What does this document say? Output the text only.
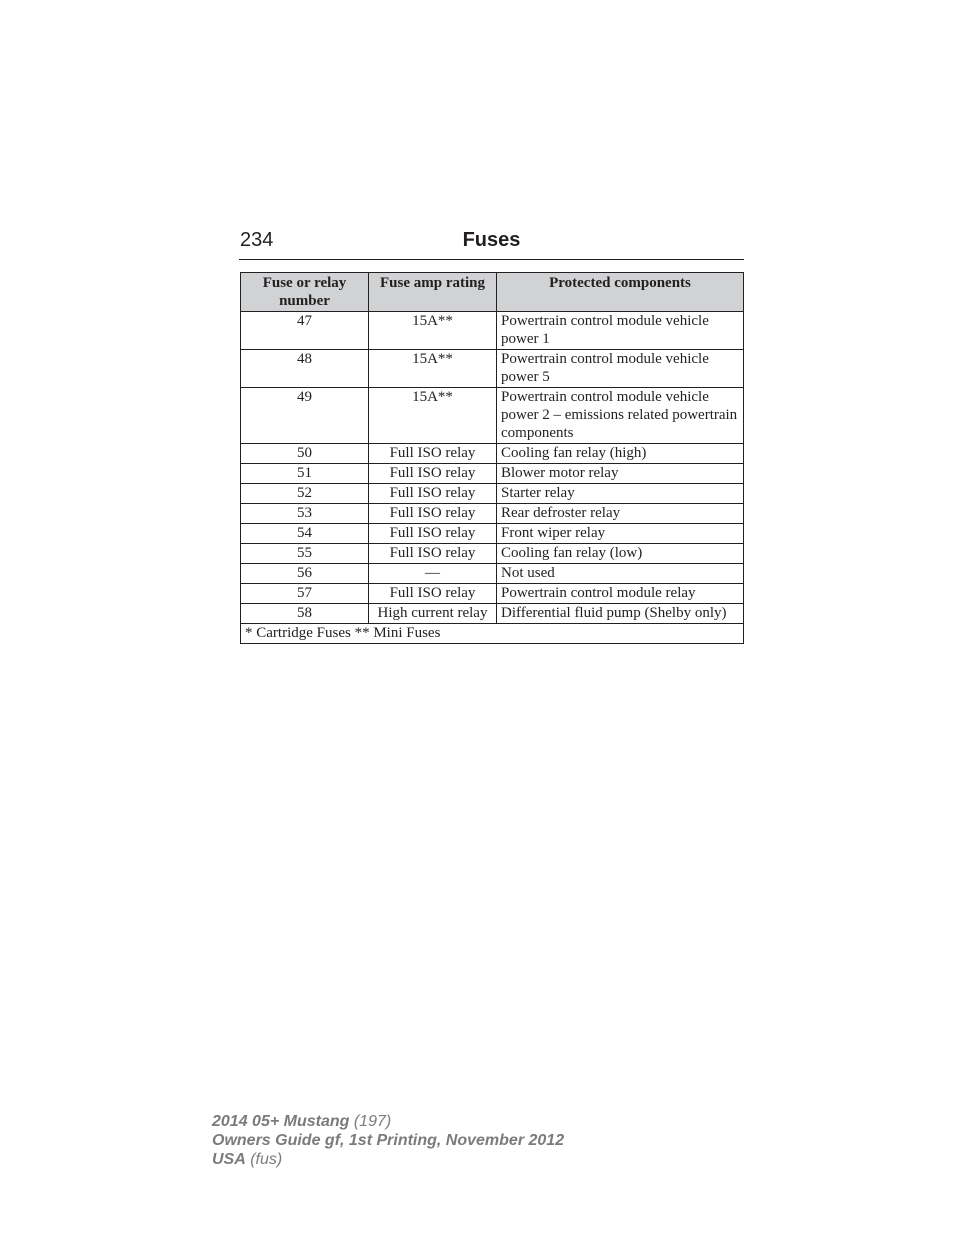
234	Fuses
Fuse or relay number	Fuse amp rating	Protected components
47	15A**	Powertrain control module vehicle power 1
48	15A**	Powertrain control module vehicle power 5
49	15A**	Powertrain control module vehicle power 2 – emissions related powertrain components
50	Full ISO relay	Cooling fan relay (high)
51	Full ISO relay	Blower motor relay
52	Full ISO relay	Starter relay
53	Full ISO relay	Rear defroster relay
54	Full ISO relay	Front wiper relay
55	Full ISO relay	Cooling fan relay (low)
56	—	Not used
57	Full ISO relay	Powertrain control module relay
58	High current relay	Differential fluid pump (Shelby only)
* Cartridge Fuses ** Mini Fuses		
2014 05+ Mustang (197)
Owners Guide gf, 1st Printing, November 2012
USA (fus)
